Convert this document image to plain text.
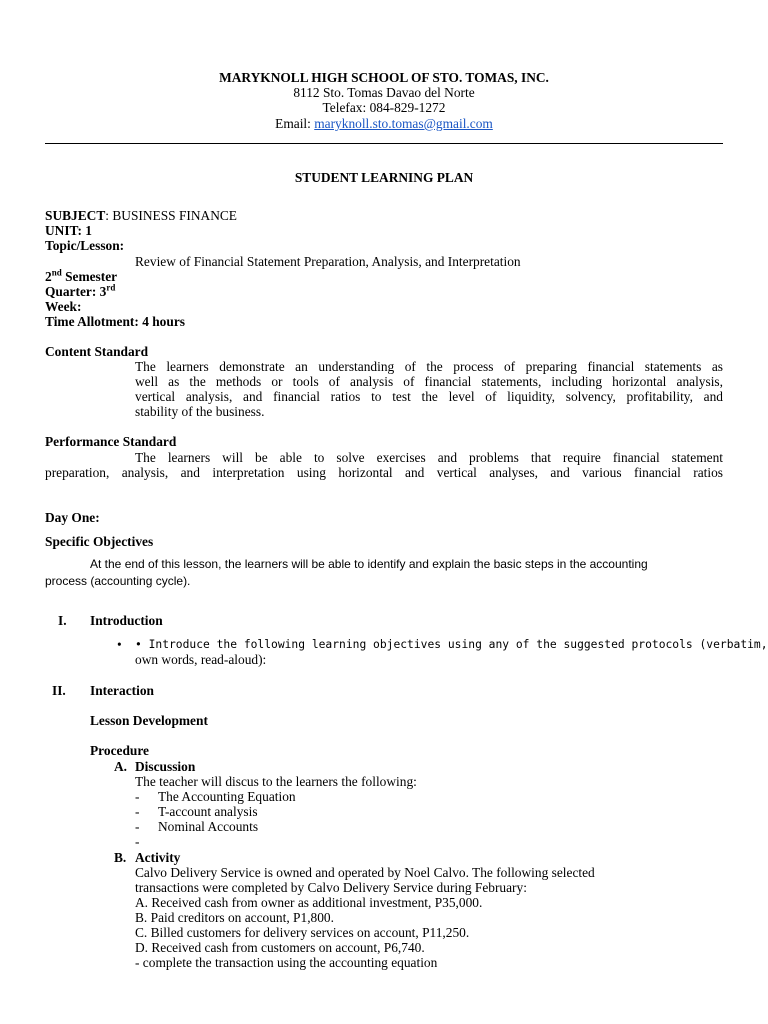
MARYKNOLL HIGH SCHOOL OF STO. TOMAS, INC.
8112 Sto. Tomas Davao del Norte
Telefax: 084-829-1272
Email: maryknoll.sto.tomas@gmail.com
STUDENT LEARNING PLAN
SUBJECT: BUSINESS FINANCE
UNIT: 1
Topic/Lesson:
Review of Financial Statement Preparation, Analysis, and Interpretation
2nd Semester
Quarter: 3rd
Week:
Time Allotment: 4 hours
Content Standard
The learners demonstrate an understanding of the process of preparing financial statements as
well as the methods or tools of analysis of financial statements, including horizontal analysis,
vertical analysis, and financial ratios to test the level of liquidity, solvency, profitability, and
stability of the business.
Performance Standard
The learners will be able to solve exercises and problems that require financial statement
preparation, analysis, and interpretation using horizontal and vertical analyses, and various financial ratios
Day One:
Specific Objectives
At the end of this lesson, the learners will be able to identify and explain the basic steps in the accounting
process (accounting cycle).
I. Introduction
• • Introduce the following learning objectives using any of the suggested protocols (verbatim,
own words, read-aloud):
II. Interaction
Lesson Development
Procedure
A. Discussion
The teacher will discus to the learners the following:
- The Accounting Equation
- T-account analysis
- Nominal Accounts
-
B. Activity
Calvo Delivery Service is owned and operated by Noel Calvo. The following selected
transactions were completed by Calvo Delivery Service during February:
A. Received cash from owner as additional investment, P35,000.
B. Paid creditors on account, P1,800.
C. Billed customers for delivery services on account, P11,250.
D. Received cash from customers on account, P6,740.
- complete the transaction using the accounting equation
